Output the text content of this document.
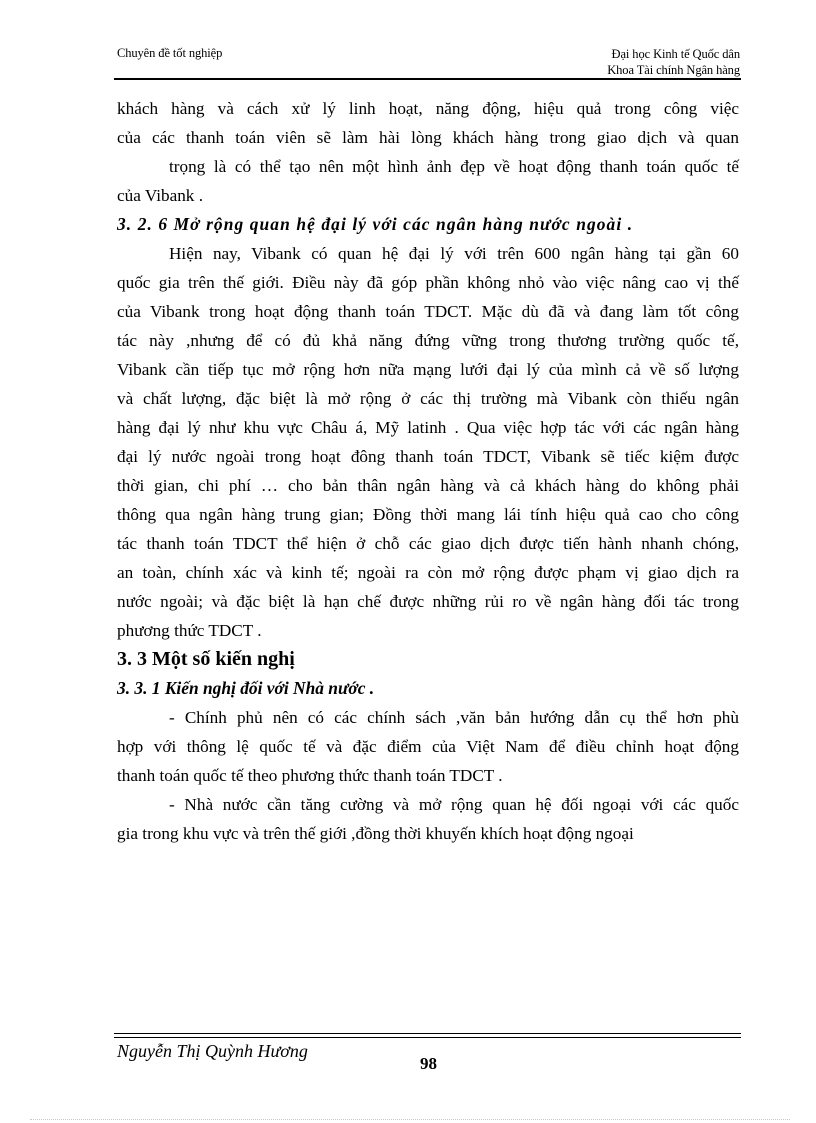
Chuyên đề tốt nghiệp	Đại học Kinh tế Quốc dân
Khoa Tài chính Ngân hàng

khách hàng và cách xử lý linh hoạt, năng động, hiệu quả trong công việc

của các thanh toán viên sẽ làm hài lòng khách hàng trong giao dịch và quan

trọng là có thể tạo nên một hình ảnh đẹp về hoạt động thanh toán quốc tế

của Vibank .

3. 2. 6 Mở rộng quan hệ đại lý với các ngân hàng nước ngoài .

Hiện nay, Vibank có quan hệ đại lý với trên 600 ngân hàng tại gần 60

quốc gia trên thế giới. Điều này đã góp phần không nhỏ vào việc nâng cao vị thế

của Vibank trong hoạt động thanh toán TDCT. Mặc dù đã và đang làm tốt công

tác này ,nhưng để có đủ khả năng đứng vững trong thương trường quốc tế,

Vibank cần tiếp tục mở rộng hơn nữa mạng lưới đại lý của mình cả về số lượng

và chất lượng, đặc biệt là mở rộng ở các thị trường mà Vibank còn thiếu ngân

hàng đại lý như khu vực Châu á, Mỹ latinh . Qua việc hợp tác với các ngân hàng

đại lý nước ngoài trong hoạt đông thanh toán TDCT, Vibank sẽ tiếc kiệm được

thời gian, chi phí … cho bản thân ngân hàng và cả khách hàng do không phải

thông qua ngân hàng trung gian; Đồng thời mang lái tính hiệu quả cao cho công

tác thanh toán TDCT thể hiện ở chỗ các giao dịch được tiến hành nhanh chóng,

an toàn, chính xác và kinh tế; ngoài ra còn mở rộng được phạm vị giao dịch ra

nước ngoài; và đặc biệt là hạn chế được những rủi ro về ngân hàng đối tác trong

phương thức TDCT .

3. 3 Một số kiến nghị

3. 3. 1 Kiến nghị đối với Nhà nước .

- Chính phủ nên có các chính sách ,văn bản hướng dẫn cụ thể hơn phù

hợp với thông lệ quốc tế và đặc điểm của Việt Nam để điều chỉnh hoạt động

thanh toán quốc tế theo phương thức thanh toán TDCT .

- Nhà nước cần tăng cường và mở rộng quan hệ đối ngoại với các quốc

gia trong khu vực và trên thế giới ,đồng thời khuyến khích hoạt động ngoại

Nguyễn Thị Quỳnh Hương
98
